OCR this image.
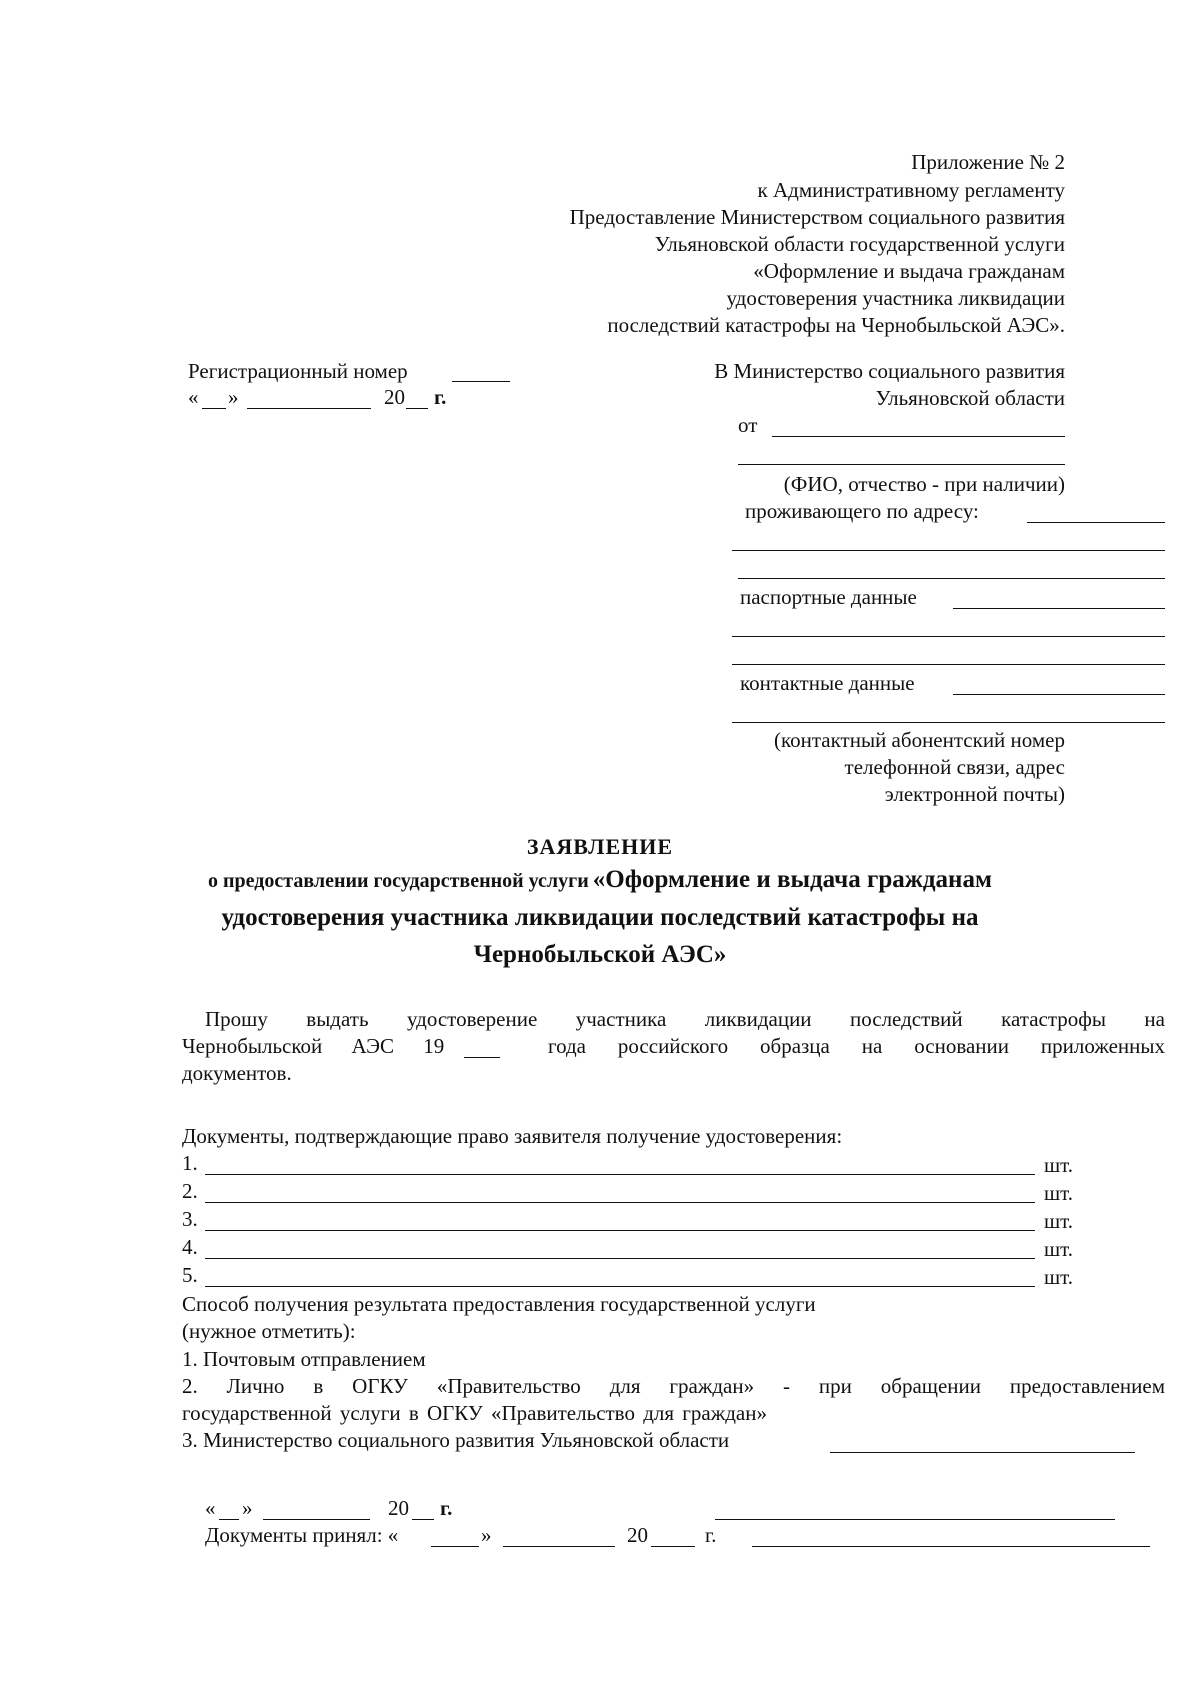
Приложение № 2
к Административному регламенту
Предоставление Министерством социального развития
Ульяновской области государственной услуги
«Оформление и выдача гражданам
удостоверения участника ликвидации
последствий катастрофы на Чернобыльской АЭС».
Регистрационный номер
« »	20 г.
В Министерство социального развития
Ульяновской области
от
(ФИО, отчество - при наличии)
проживающего по адресу:
паспортные данные
контактные данные
(контактный абонентский номер
телефонной связи, адрес
электронной почты)
ЗАЯВЛЕНИЕ
о предоставлении государственной услуги «Оформление и выдача гражданам
удостоверения участника ликвидации последствий катастрофы на
Чернобыльской АЭС»
Прошу выдать удостоверение участника ликвидации последствий катастрофы на
Чернобыльской АЭС 19	года российского образца на основании приложенных
документов.
Документы, подтверждающие право заявителя получение удостоверения:
1.	шт.
2.	шт.
3.	шт.
4.	шт.
5.	шт.
Способ получения результата предоставления государственной услуги
(нужное отметить):
1. Почтовым отправлением
2. Лично в ОГКУ «Правительство для граждан» - при обращении предоставлением
государственной услуги в ОГКУ «Правительство для граждан»
3. Министерство социального развития Ульяновской области
« »	20 г.
Документы принял: «	»	20	г.
